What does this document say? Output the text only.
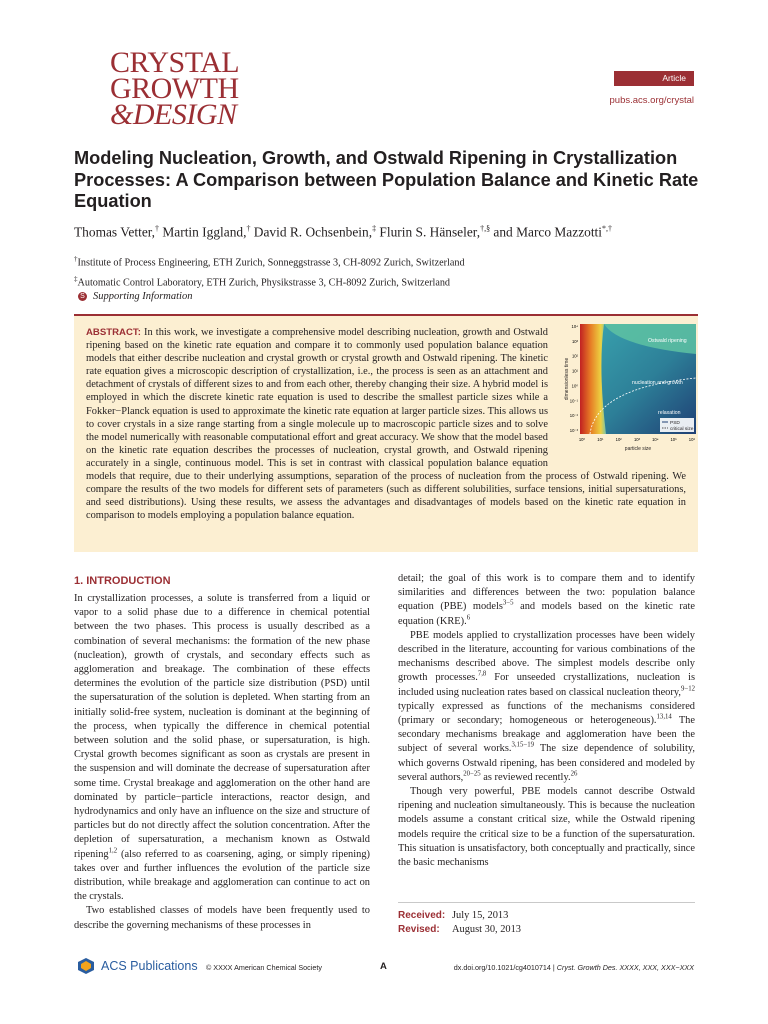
CRYSTAL
GROWTH
&DESIGN
Article
pubs.acs.org/crystal
Modeling Nucleation, Growth, and Ostwald Ripening in Crystallization Processes: A Comparison between Population Balance and Kinetic Rate Equation
Thomas Vetter,† Martin Iggland,† David R. Ochsenbein,‡ Flurin S. Hänseler,†,§ and Marco Mazzotti*,†
†Institute of Process Engineering, ETH Zurich, Sonneggstrasse 3, CH-8092 Zurich, Switzerland
‡Automatic Control Laboratory, ETH Zurich, Physikstrasse 3, CH-8092 Zurich, Switzerland
S Supporting Information

ABSTRACT: In this work, we investigate a comprehensive model describing nucleation, growth and Ostwald ripening based on the kinetic rate equation and compare it to commonly used population balance equation models that either describe nucleation and crystal growth or crystal growth and Ostwald ripening. The kinetic rate equation gives a microscopic description of crystallization, i.e., the process is seen as an attachment and detachment of crystals of different sizes to and from each other, thereby changing their size. A hybrid model is employed in which the discrete kinetic rate equation is used to describe the smallest particle sizes while a Fokker−Planck equation is used to approximate the kinetic rate equation at larger particle sizes. This allows us to cover crystals in a size range starting from a single molecule up to macroscopic particle sizes and to solve the model numerically with reasonable computational effort and great accuracy. We show that the model based on the kinetic rate equation describes the processes of nucleation, crystal growth, and Ostwald ripening accurately in a single, continuous model. This is set in contrast with classical population balance equation models that require, due to their underlying assumptions, separation of the process of nucleation from the process of Ostwald ripening. We compare the results of the two models for different sets of parameters (such as different solubilities, surface tensions, initial supersaturations, and seed distributions). Using these results, we assess the advantages and disadvantages of models based on the kinetic rate equation in comparison to models employing a population balance equation.

Ostwald ripening
nucleation and growth
relaxation
PSD
critical size
dimensionless time
particle size
10⁴
10³
10²
10¹
10⁰
10⁻¹
10⁻²
10⁻³
10⁰	10¹	10²	10³	10⁴	10⁵	10⁶
1. INTRODUCTION

In crystallization processes, a solute is transferred from a liquid or vapor to a solid phase due to a difference in chemical potential between the two phases. This process is usually described as a combination of several mechanisms: the formation of the new phase (nucleation), growth of crystals, and secondary effects such as agglomeration and breakage. The combination of these effects determines the evolution of the particle size distribution (PSD) until the supersaturation of the solution is depleted. When starting from an initially solid-free system, nucleation is dominant at the beginning of the process, when typically the difference in chemical potential between solution and the solid phase, or supersaturation, is high. Crystal growth becomes significant as soon as crystals are present in the suspension and will dominate the decrease of supersaturation after some time. Crystal breakage and agglomeration on the other hand are dominated by particle−particle interactions, reactor design, and hydrodynamics and only have an influence on the size and structure of particles but do not directly affect the solution concentration. After the depletion of supersaturation, a mechanism known as Ostwald ripening$^{1,2}$ (also referred to as coarsening, aging, or simply ripening) takes over and further influences the evolution of the particle size distribution, while breakage and agglomeration can continue to act on the crystals.

Two established classes of models have been frequently used to describe the governing mechanisms of these processes in

detail; the goal of this work is to compare them and to identify similarities and differences between the two: population balance equation (PBE) models$^{3-5}$ and models based on the kinetic rate equation (KRE).$^6$

PBE models applied to crystallization processes have been widely described in the literature, accounting for various combinations of the mechanisms described above. The simplest models describe only growth processes.$^{7,8}$ For unseeded crystallizations, nucleation is included using nucleation rates based on classical nucleation theory,$^{9-12}$ typically expressed as functions of the mechanisms considered (primary or secondary; homogeneous or heterogeneous).$^{13,14}$ The secondary mechanisms breakage and agglomeration have been the subject of several works.$^{3,15-19}$ The size dependence of solubility, which governs Ostwald ripening, has been considered and modeled by several authors,$^{20-25}$ as reviewed recently.$^{26}$

Though very powerful, PBE models cannot describe Ostwald ripening and nucleation simultaneously. This is because the nucleation models assume a constant critical size, while the Ostwald ripening models require the critical size to be a function of the supersaturation. This situation is unsatisfactory, both conceptually and practically, since the basic mechanisms

Received: July 15, 2013
Revised: August 30, 2013
ACS Publications © XXXX American Chemical Society	A	dx.doi.org/10.1021/cg4010714 | Cryst. Growth Des. XXXX, XXX, XXX−XXX
